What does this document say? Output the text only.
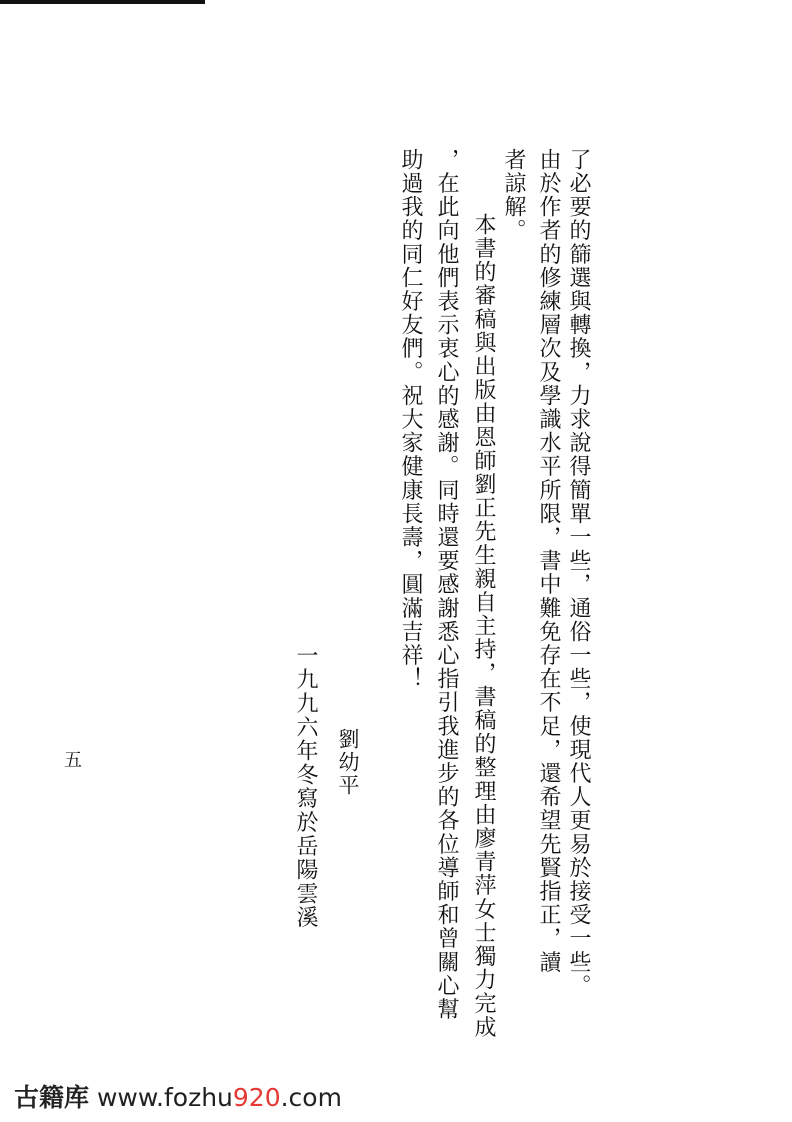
了必要的篩選與轉換，力求說得簡單一些，通俗一些，使現代人更易於接受一些。
由於作者的修練層次及學識水平所限，書中難免存在不足，還希望先賢指正，讀
者諒解。
本書的審稿與出版由恩師劉正先生親自主持，書稿的整理由廖青萍女士獨力完成
，在此向他們表示衷心的感謝。同時還要感謝悉心指引我進步的各位導師和曾關心幫
助過我的同仁好友們。祝大家健康長壽，圓滿吉祥！
劉幼平
一九九六年冬寫於岳陽雲溪
五
古籍库 www.fozhu920.com
